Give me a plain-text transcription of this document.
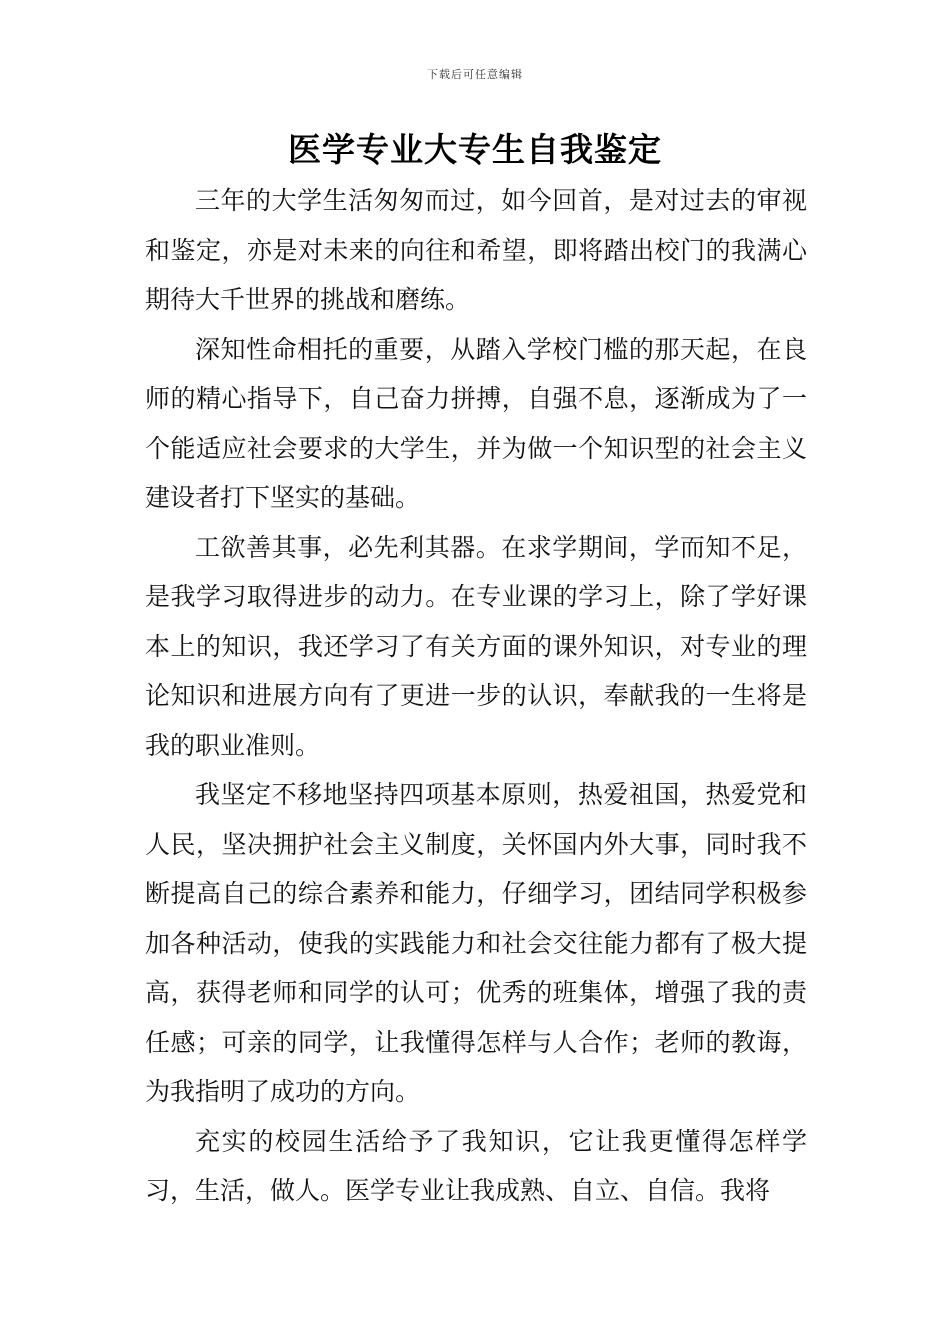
下载后可任意编辑
医学专业大专生自我鉴定

三年的大学生活匆匆而过，如今回首，是对过去的审视和鉴定，亦是对未来的向往和希望，即将踏出校门的我满心期待大千世界的挑战和磨练。

深知性命相托的重要，从踏入学校门槛的那天起，在良师的精心指导下，自己奋力拼搏，自强不息，逐渐成为了一个能适应社会要求的大学生，并为做一个知识型的社会主义建设者打下坚实的基础。

工欲善其事，必先利其器。在求学期间，学而知不足，是我学习取得进步的动力。在专业课的学习上，除了学好课本上的知识，我还学习了有关方面的课外知识，对专业的理论知识和进展方向有了更进一步的认识，奉献我的一生将是我的职业准则。

我坚定不移地坚持四项基本原则，热爱祖国，热爱党和人民，坚决拥护社会主义制度，关怀国内外大事，同时我不断提高自己的综合素养和能力，仔细学习，团结同学积极参加各种活动，使我的实践能力和社会交往能力都有了极大提高，获得老师和同学的认可；优秀的班集体，增强了我的责任感；可亲的同学，让我懂得怎样与人合作；老师的教诲，为我指明了成功的方向。

充实的校园生活给予了我知识，它让我更懂得怎样学习，生活，做人。医学专业让我成熟、自立、自信。我将
